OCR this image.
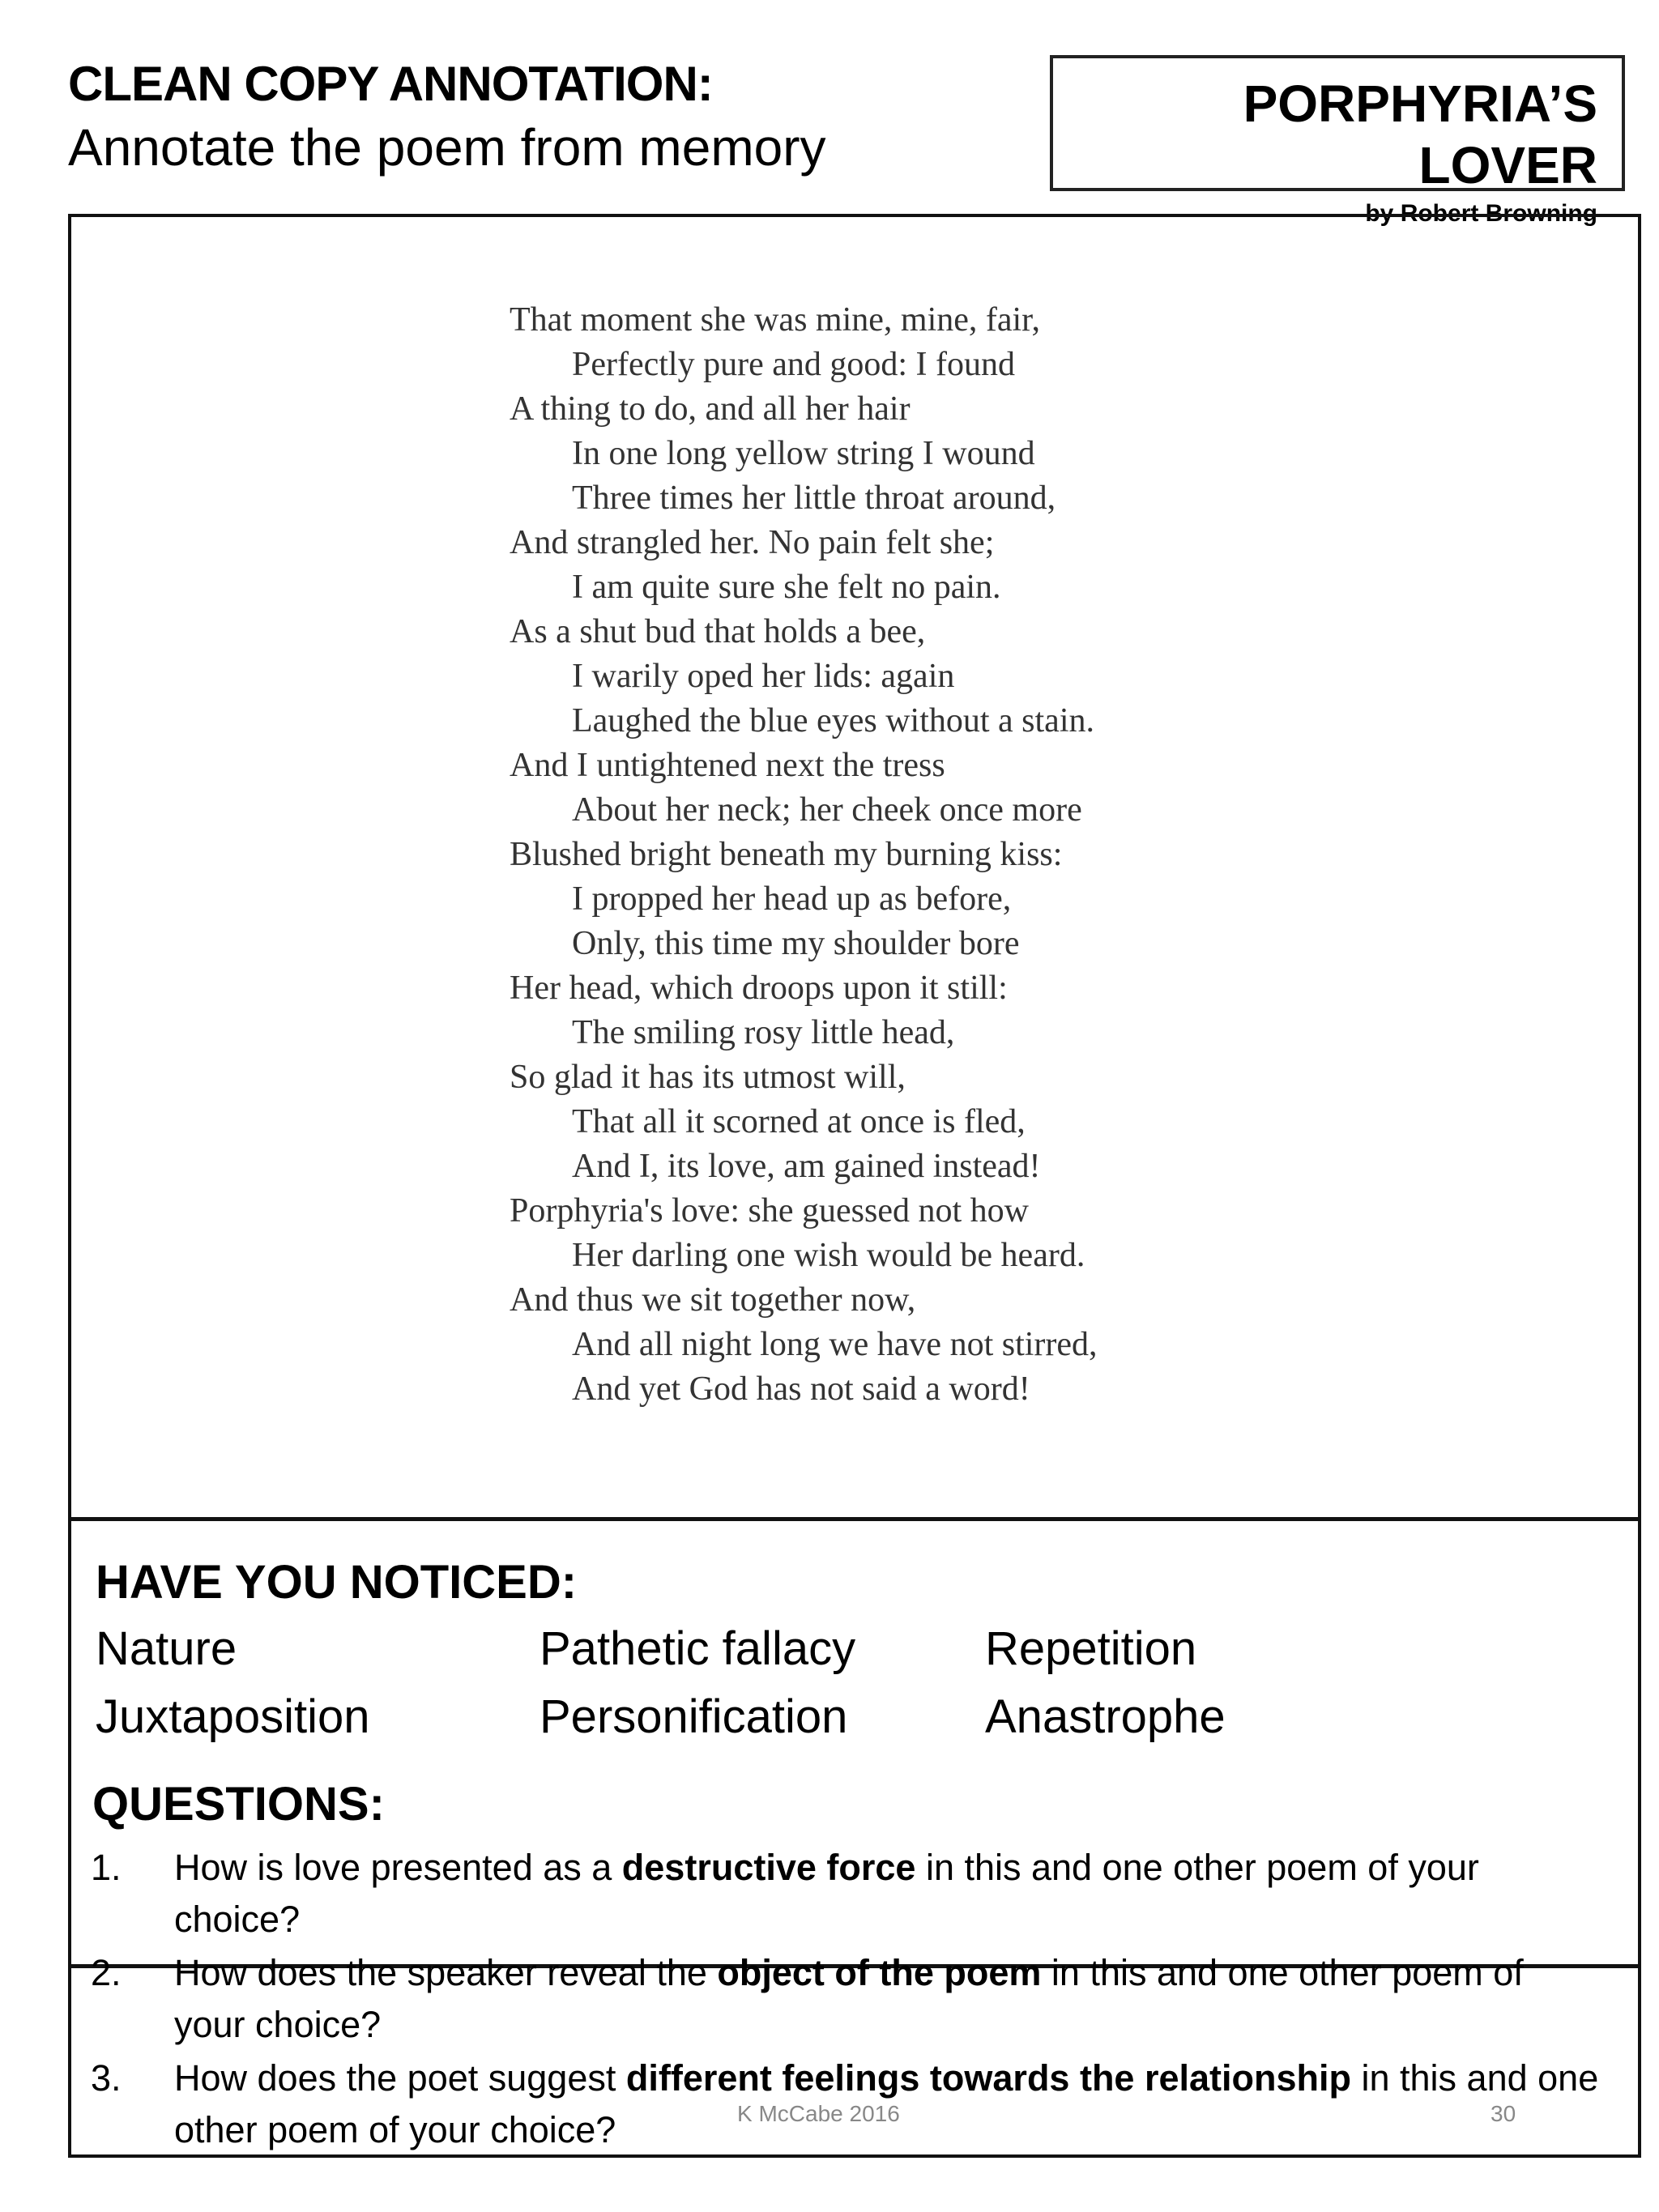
CLEAN COPY ANNOTATION:
Annotate the poem from memory
PORPHYRIA’S LOVER
by Robert Browning
That moment she was mine, mine, fair,
Perfectly pure and good: I found
A thing to do, and all her hair
In one long yellow string I wound
Three times her little throat around,
And strangled her. No pain felt she;
I am quite sure she felt no pain.
As a shut bud that holds a bee,
I warily oped her lids: again
Laughed the blue eyes without a stain.
And I untightened next the tress
About her neck; her cheek once more
Blushed bright beneath my burning kiss:
I propped her head up as before,
Only, this time my shoulder bore
Her head, which droops upon it still:
The smiling rosy little head,
So glad it has its utmost will,
That all it scorned at once is fled,
And I, its love, am gained instead!
Porphyria's love: she guessed not how
Her darling one wish would be heard.
And thus we sit together now,
And all night long we have not stirred,
And yet God has not said a word!
HAVE YOU NOTICED:
Nature	Pathetic fallacy	Repetition
Juxtaposition	Personification	Anastrophe
QUESTIONS:
1. How is love presented as a destructive force in this and one other poem of your choice?
2. How does the speaker reveal the object of the poem in this and one other poem of your choice?
3. How does the poet suggest different feelings towards the relationship in this and one other poem of your choice?	K McCabe 2016	30
